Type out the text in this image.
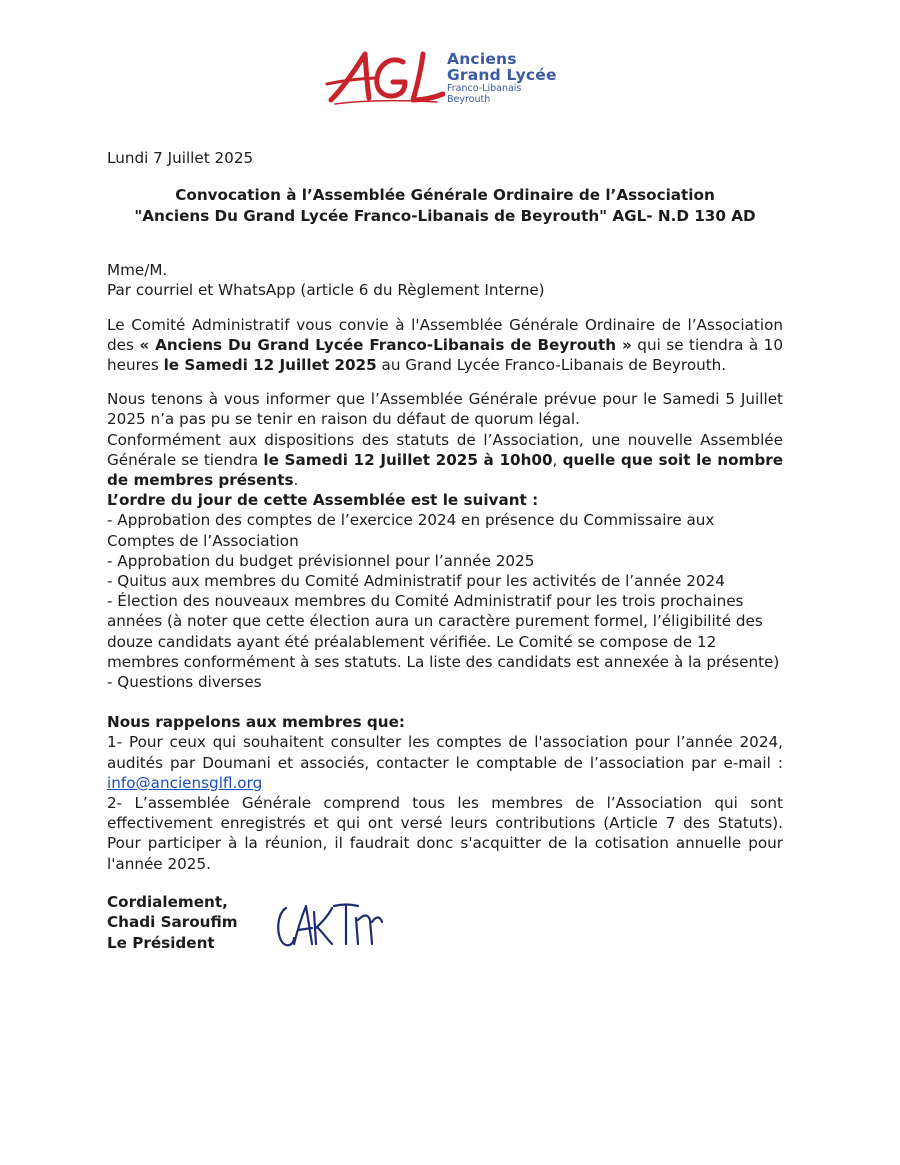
Anciens
Grand Lycée
Franco-Libanais
Beyrouth

Lundi 7 Juillet 2025

Convocation à l’Assemblée Générale Ordinaire de l’Association
"Anciens Du Grand Lycée Franco-Libanais de Beyrouth" AGL- N.D 130 AD

Mme/M.

Par courriel et WhatsApp (article 6 du Règlement Interne)

Le Comité Administratif vous convie à l'Assemblée Générale Ordinaire de l’Association des « Anciens Du Grand Lycée Franco-Libanais de Beyrouth » qui se tiendra à 10 heures le Samedi 12 Juillet 2025 au Grand Lycée Franco-Libanais de Beyrouth.

Nous tenons à vous informer que l’Assemblée Générale prévue pour le Samedi 5 Juillet 2025 n’a pas pu se tenir en raison du défaut de quorum légal.

Conformément aux dispositions des statuts de l’Association, une nouvelle Assemblée Générale se tiendra le Samedi 12 Juillet 2025 à 10h00, quelle que soit le nombre de membres présents.

L’ordre du jour de cette Assemblée est le suivant :

- Approbation des comptes de l’exercice 2024 en présence du Commissaire aux Comptes de l’Association

- Approbation du budget prévisionnel pour l’année 2025

- Quitus aux membres du Comité Administratif pour les activités de l’année 2024

- Élection des nouveaux membres du Comité Administratif pour les trois prochaines années (à noter que cette élection aura un caractère purement formel, l’éligibilité des douze candidats ayant été préalablement vérifiée. Le Comité se compose de 12 membres conformément à ses statuts. La liste des candidats est annexée à la présente)

- Questions diverses

Nous rappelons aux membres que:

1- Pour ceux qui souhaitent consulter les comptes de l'association pour l’année 2024, audités par Doumani et associés, contacter le comptable de l’association par e-mail : info@anciensglfl.org

2- L’assemblée Générale comprend tous les membres de l’Association qui sont effectivement enregistrés et qui ont versé leurs contributions (Article 7 des Statuts). Pour participer à la réunion, il faudrait donc s'acquitter de la cotisation annuelle pour l'année 2025.

Cordialement,
Chadi Saroufim
Le Président
